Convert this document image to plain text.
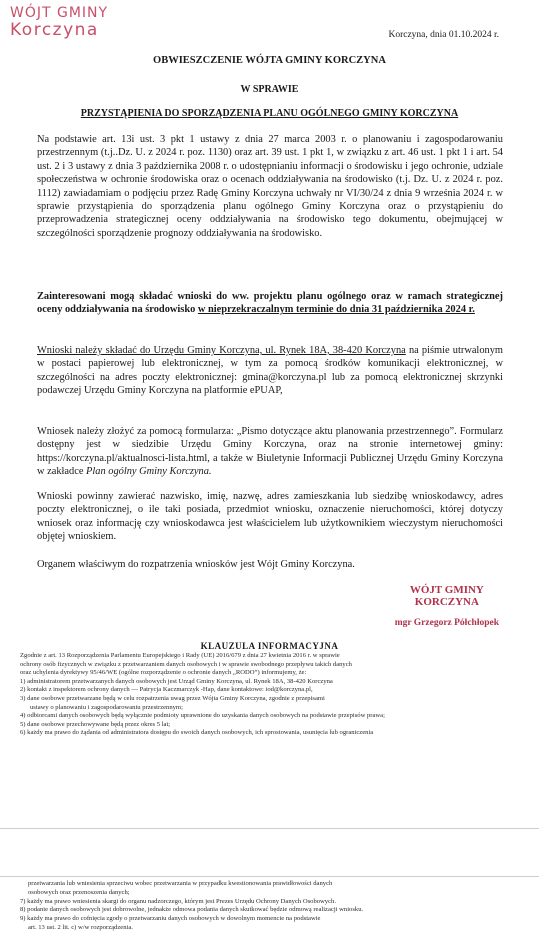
WÓJT GMINY
Korczyna	Korczyna, dnia 01.10.2024 r.
OBWIESZCZENIE WÓJTA GMINY KORCZYNA
W SPRAWIE
PRZYSTĄPIENIA DO SPORZĄDZENIA PLANU OGÓLNEGO GMINY KORCZYNA
Na podstawie art. 13i ust. 3 pkt 1 ustawy z dnia 27 marca 2003 r. o planowaniu i zagospodarowaniu przestrzennym (t.j..Dz. U. z 2024 r. poz. 1130) oraz art. 39 ust. 1 pkt 1, w związku z art. 46 ust. 1 pkt 1 i art. 54 ust. 2 i 3 ustawy z dnia 3 października 2008 r. o udostępnianiu informacji o środowisku i jego ochronie, udziale społeczeństwa w ochronie środowiska oraz o ocenach oddziaływania na środowisko (t.j. Dz. U. z 2024 r. poz. 1112) zawiadamiam o podjęciu przez Radę Gminy Korczyna uchwały nr VI/30/24 z dnia 9 września 2024 r. w sprawie przystąpienia do sporządzenia planu ogólnego Gminy Korczyna oraz o przystąpieniu do przeprowadzenia strategicznej oceny oddziaływania na środowisko tego dokumentu, obejmującej w szczególności sporządzenie prognozy oddziaływania na środowisko.
Zainteresowani mogą składać wnioski do ww. projektu planu ogólnego oraz w ramach strategicznej oceny oddziaływania na środowisko w nieprzekraczalnym terminie do dnia 31 października 2024 r.
Wnioski należy składać do Urzędu Gminy Korczyna, ul. Rynek 18A, 38-420 Korczyna na piśmie utrwalonym w postaci papierowej lub elektronicznej, w tym za pomocą środków komunikacji elektronicznej, w szczególności na adres poczty elektronicznej: gmina@korczyna.pl lub za pomocą elektronicznej skrzynki podawczej Urzędu Gminy Korczyna na platformie ePUAP,
Wniosek należy złożyć za pomocą formularza: „Pismo dotyczące aktu planowania przestrzennego”. Formularz dostępny jest w siedzibie Urzędu Gminy Korczyna, oraz na stronie internetowej gminy: https://korczyna.pl/aktualnosci-lista.html, a także w Biuletynie Informacji Publicznej Urzędu Gminy Korczyna w zakładce Plan ogólny Gminy Korczyna.
Wnioski powinny zawierać nazwisko, imię, nazwę, adres zamieszkania lub siedzibę wnioskodawcy, adres poczty elektronicznej, o ile taki posiada, przedmiot wniosku, oznaczenie nieruchomości, której dotyczy wniosek oraz informację czy wnioskodawca jest właścicielem lub użytkownikiem wieczystym nieruchomości objętej wnioskiem.
Organem właściwym do rozpatrzenia wniosków jest Wójt Gminy Korczyna.
WÓJT GMINY
KORCZYNA
mgr Grzegorz Półchłopek
KLAUZULA INFORMACYJNA
Zgodnie z art. 13 Rozporządzenia Parlamentu Europejskiego i Rady (UE) 2016/679 z dnia 27 kwietnia 2016 r. w sprawie
ochrony osób fizycznych w związku z przetwarzaniem danych osobowych i w sprawie swobodnego przepływu takich danych
oraz uchylenia dyrektywy 95/46/WE (ogólne rozporządzenie o ochronie danych „RODO”) informujemy, że:
1) administratorem przetwarzanych danych osobowych jest Urząd Gminy Korczyna, ul. Rynek 18A, 38-420 Korczyna
2) kontakt z inspektorem ochrony danych — Patrycja Kaczmarczyk -Hap, dane kontaktowe: iod@korczyna.pl,
3) dane osobowe przetwarzane będą w celu rozpatrzenia uwag przez Wójta Gminy Korczyna, zgodnie z przepisami
ustawy o planowaniu i zagospodarowaniu przestrzennym;
4) odbiorcami danych osobowych będą wyłącznie podmioty uprawnione do uzyskania danych osobowych na podstawie przepisów prawa;
5) dane osobowe przechowywane będą przez okres 5 lat;
6) każdy ma prawo do żądania od administratora dostępu do swoich danych osobowych, ich sprostowania, usunięcia lub ograniczenia
przetwarzania lub wniesienia sprzeciwu wobec przetwarzania w przypadku kwestionowania prawidłowości danych
osobowych oraz przenoszenia danych;
7) każdy ma prawo wniesienia skargi do organu nadzorczego, którym jest Prezes Urzędu Ochrony Danych Osobowych.
8) podanie danych osobowych jest dobrowolne, jednakże odmowa podania danych skutkować będzie odmową realizacji wniosku.
9) każdy ma prawo do cofnięcia zgody o przetwarzaniu danych osobowych w dowolnym momencie na podstawie
art. 13 ust. 2 lit. c) w/w rozporządzenia.
